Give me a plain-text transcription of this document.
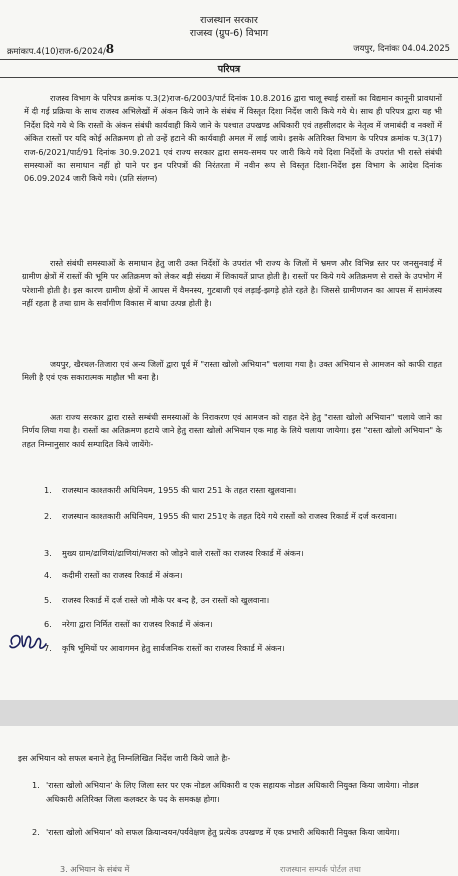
राजस्थान सरकार
राजस्व (ग्रुप-6) विभाग
क्रमांकःप.4(10)राज-6/2024/8	जयपुर, दिनांकः 04.04.2025
परिपत्र

राजस्व विभाग के परिपत्र क्रमांक प.3(2)राज-6/2003/पार्ट दिनांक 10.8.2016 द्वारा चालू स्थाई रास्तों का विद्यमान कानूनी प्रावधानों में दी गई प्रक्रिया के साथ राजस्व अभिलेखों में अंकन किये जाने के संबंध में विस्तृत दिशा निर्देश जारी किये गये थे। साथ ही परिपत्र द्वारा यह भी निर्देश दिये गये थे कि रास्तों के अंकन संबंधी कार्यवाही किये जाने के पश्चात उपखण्ड अधिकारी एवं तहसीलदार के नेतृत्व में जमाबंदी व नक्शों में अंकित रास्तों पर यदि कोई अतिक्रमण हो तो उन्हें हटाने की कार्यवाही अमल में लाई जाये। इसके अतिरिक्त विभाग के परिपत्र क्रमांक प.3(17) राज-6/2021/पार्ट/91 दिनांक 30.9.2021 एवं राज्य सरकार द्वारा समय-समय पर जारी किये गये दिशा निर्देशों के उपरांत भी रास्ते संबंधी समस्याओं का समाधान नहीं हो पाने पर इन परिपत्रों की निरंतरता में नवीन रूप से विस्तृत दिशा-निर्देश इस विभाग के आदेश दिनांक 06.09.2024 जारी किये गये। (प्रति संलग्न)

रास्ते संबंधी समस्याओं के समाधान हेतु जारी उक्त निर्देशों के उपरांत भी राज्य के जिलों में भ्रमण और विभिन्न स्तर पर जनसुनवाई में ग्रामीण क्षेत्रों में रास्तों की भूमि पर अतिक्रमण को लेकर बड़ी संख्या में शिकायतें प्राप्त होती है। रास्तों पर किये गये अतिक्रमण से रास्ते के उपभोग में परेशानी होती है। इस कारण ग्रामीण क्षेत्रों में आपस में वैमनस्य, गुटबाजी एवं लड़ाई-झगड़े होते रहते है। जिससे ग्रामीणजन का आपस में सामंजस्य नहीं रहता है तथा ग्राम के सर्वांगीण विकास में बाधा उत्पन्न होती है।

जयपुर, खैरथल-तिजारा एवं अन्य जिलों द्वारा पूर्व में "रास्ता खोलो अभियान" चलाया गया है। उक्त अभियान से आमजन को काफी राहत मिली है एवं एक सकारात्मक माहौल भी बना है।

अतः राज्य सरकार द्वारा रास्ते सम्बंधी समस्याओं के निराकरण एवं आमजन को राहत देने हेतु "रास्ता खोलो अभियान" चलाये जाने का निर्णय लिया गया है। रास्तों का अतिक्रमण हटाये जाने हेतु रास्ता खोलो अभियान एक माह के लिये चलाया जायेगा। इस "रास्ता खोलो अभियान" के तहत निम्नानुसार कार्य सम्पादित किये जायेंगेः-

1. राजस्थान काश्तकारी अधिनियम, 1955 की धारा 251 के तहत रास्ता खुलवाना।
2. राजस्थान काश्तकारी अधिनियम, 1955 की धारा 251ए के तहत दिये गये रास्तों को राजस्व रिकार्ड में दर्ज करवाना।
3. मुख्य ग्राम/ढाणियां/ढाणियां/मजरा को जोड़ने वाले रास्तों का राजस्व रिकार्ड में अंकन।
4. कदीमी रास्तों का राजस्व रिकार्ड में अंकन।
5. राजस्व रिकार्ड में दर्ज रास्ते जो मौके पर बन्द है, उन रास्तों को खुलवाना।
6. नरेगा द्वारा निर्मित रास्तों का राजस्व रिकार्ड में अंकन।
7. कृषि भूमियों पर आवागमन हेतु सार्वजनिक रास्तों का राजस्व रिकार्ड में अंकन।

इस अभियान को सफल बनाने हेतु निम्नलिखित निर्देश जारी किये जाते हैः-

1. 'रास्ता खोलो अभियान' के लिए जिला स्तर पर एक नोडल अधिकारी व एक सहायक नोडल अधिकारी नियुक्त किया जायेगा। नोडल अधिकारी अतिरिक्त जिला कलक्टर के पद के समकक्ष होगा।
2. 'रास्ता खोलो अभियान' को सफल क्रियान्वयन/पर्यवेक्षण हेतु प्रत्येक उपखण्ड में एक प्रभारी अधिकारी नियुक्त किया जायेगा।
3. अभियान के संबंध में	राजस्थान सम्पर्क पोर्टल तथा
